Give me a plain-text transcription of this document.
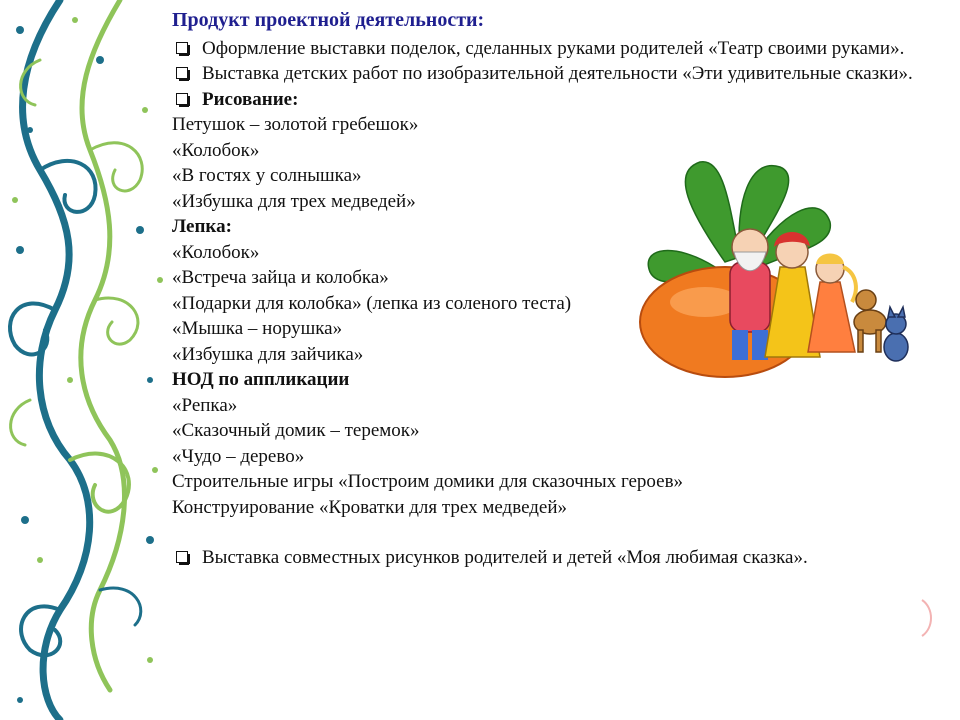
Продукт проектной деятельности:
Оформление выставки поделок, сделанных руками родителей «Театр своими руками».
Выставка детских работ по изобразительной деятельности «Эти удивительные сказки».
Рисование:
Петушок – золотой гребешок»
«Колобок»
«В гостях у солнышка»
«Избушка для трех медведей»
Лепка:
«Колобок»
«Встреча зайца и колобка»
«Подарки для колобка» (лепка из соленого теста)
«Мышка – норушка»
«Избушка для зайчика»
НОД по аппликации
«Репка»
«Сказочный домик – теремок»
«Чудо – дерево»
Строительные игры «Построим домики для сказочных героев»
Конструирование «Кроватки для трех медведей»
Выставка совместных рисунков родителей и детей «Моя любимая сказка».
